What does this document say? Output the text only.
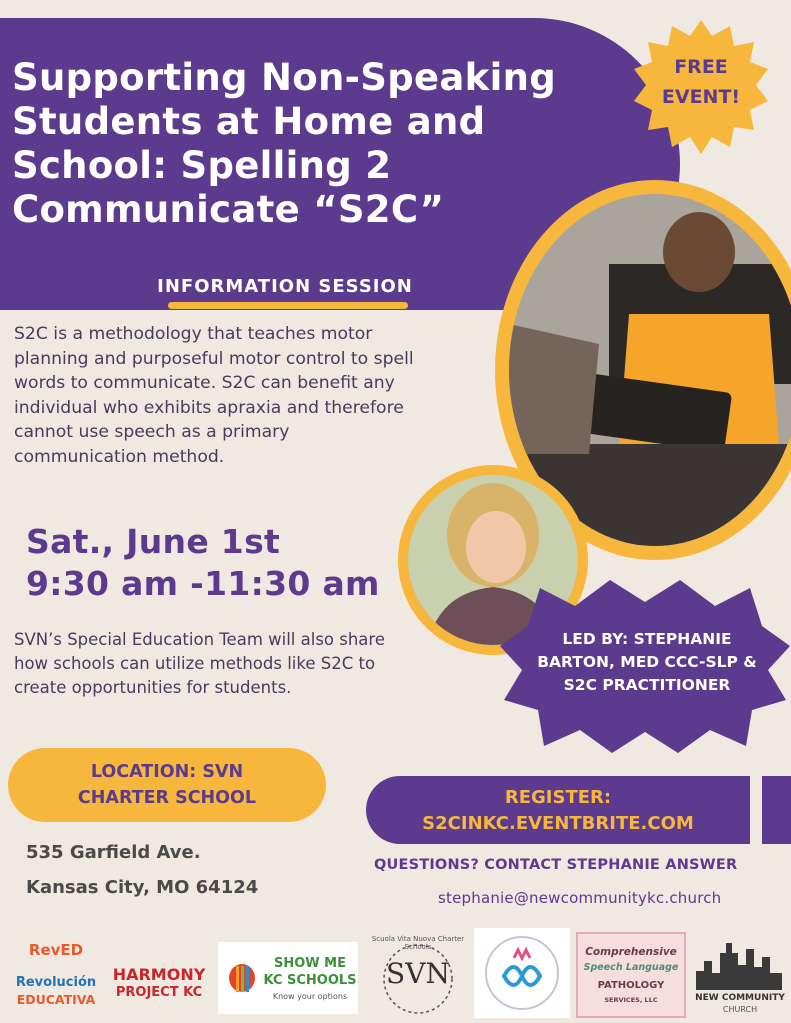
Supporting Non-Speaking Students at Home and School: Spelling 2 Communicate “S2C”
INFORMATION SESSION
FREE
EVENT!
S2C is a methodology that teaches motor planning and purposeful motor control to spell words to communicate. S2C can benefit any individual who exhibits apraxia and therefore cannot use speech as a primary communication method.
Sat., June 1st
9:30 am -11:30 am
SVN’s Special Education Team will also share how schools can utilize methods like S2C to create opportunities for students.
LED BY: STEPHANIE BARTON, MED CCC-SLP & S2C PRACTITIONER
LOCATION: SVN
CHARTER SCHOOL
535 Garfield Ave.
Kansas City, MO 64124
REGISTER:
S2CINKC.EVENTBRITE.COM
QUESTIONS? CONTACT STEPHANIE ANSWER
stephanie@newcommunitykc.church
RevED
Revolución
EDUCATIVA
HARMONY
PROJECT KC
SHOW ME
KC SCHOOLS
Know your options
SVN
Scuola Vita Nuova Charter Schools	Comprehensive
Speech Language
PATHOLOGY
SERVICES, LLC	NEW COMMUNITY
CHURCH
